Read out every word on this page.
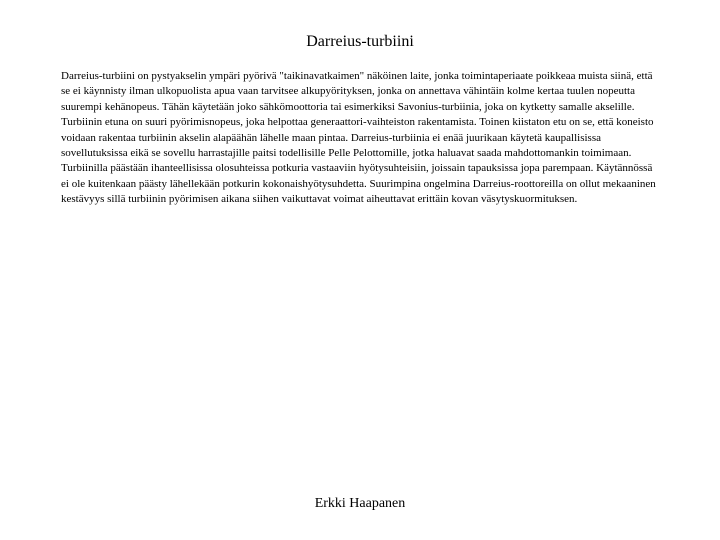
Darreius-turbiini

Darreius-turbiini on pystyakselin ympäri pyörivä "taikinavatkaimen" näköinen laite, jonka toimintaperiaate poikkeaa muista siinä, että se ei käynnisty ilman ulkopuolista apua vaan tarvitsee alkupyörityksen, jonka on annettava vähintäin kolme kertaa tuulen nopeutta suurempi kehänopeus. Tähän käytetään joko sähkömoottoria tai esimerkiksi Savonius-turbiinia, joka on kytketty samalle akselille. Turbiinin etuna on suuri pyörimisnopeus, joka helpottaa generaattori-vaihteiston rakentamista. Toinen kiistaton etu on se, että koneisto voidaan rakentaa turbiinin akselin alapäähän lähelle maan pintaa. Darreius-turbiinia ei enää juurikaan käytetä kaupallisissa sovellutuksissa eikä se sovellu harrastajille paitsi todellisille Pelle Pelottomille, jotka haluavat saada mahdottomankin toimimaan. Turbiinilla päästään ihanteellisissa olosuhteissa potkuria vastaaviin hyötysuhteisiin, joissain tapauksissa jopa parempaan. Käytännössä ei ole kuitenkaan päästy lähellekään potkurin kokonaishyötysuhdetta. Suurimpina ongelmina Darreius-roottoreilla on ollut mekaaninen kestävyys sillä turbiinin pyörimisen aikana siihen vaikuttavat voimat aiheuttavat erittäin kovan väsytyskuormituksen.

Erkki Haapanen
